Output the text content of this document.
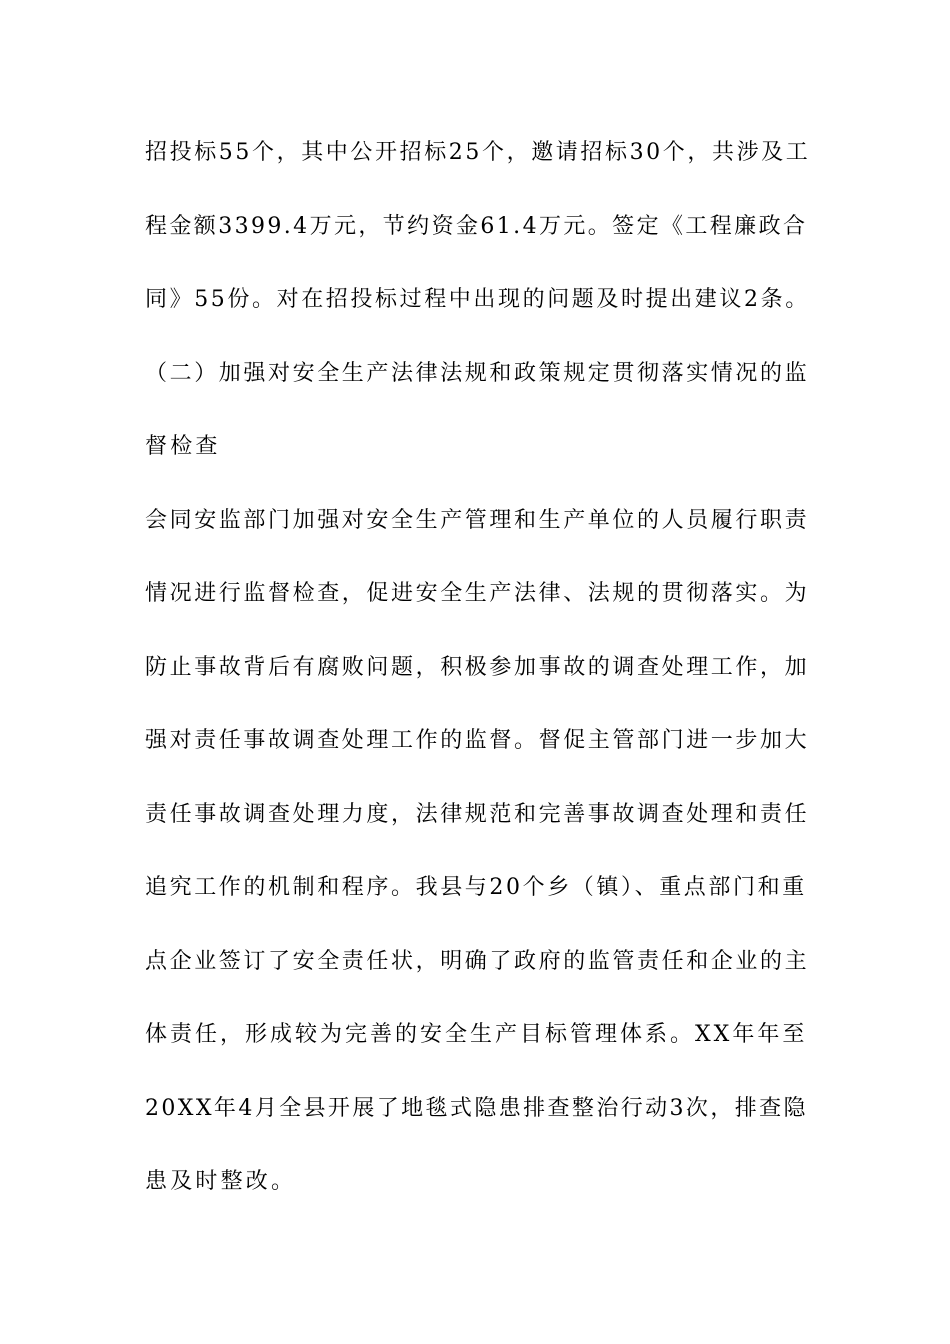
招投标55个，其中公开招标25个，邀请招标30个，共涉及工
程金额3399.4万元，节约资金61.4万元。签定《工程廉政合
同》55份。对在招投标过程中出现的问题及时提出建议2条。
（二）加强对安全生产法律法规和政策规定贯彻落实情况的监
督检查
会同安监部门加强对安全生产管理和生产单位的人员履行职责
情况进行监督检查，促进安全生产法律、法规的贯彻落实。为
防止事故背后有腐败问题，积极参加事故的调查处理工作，加
强对责任事故调查处理工作的监督。督促主管部门进一步加大
责任事故调查处理力度，法律规范和完善事故调查处理和责任
追究工作的机制和程序。我县与20个乡（镇）、重点部门和重
点企业签订了安全责任状，明确了政府的监管责任和企业的主
体责任，形成较为完善的安全生产目标管理体系。XX年年至
20XX年4月全县开展了地毯式隐患排查整治行动3次，排查隐
患及时整改。
